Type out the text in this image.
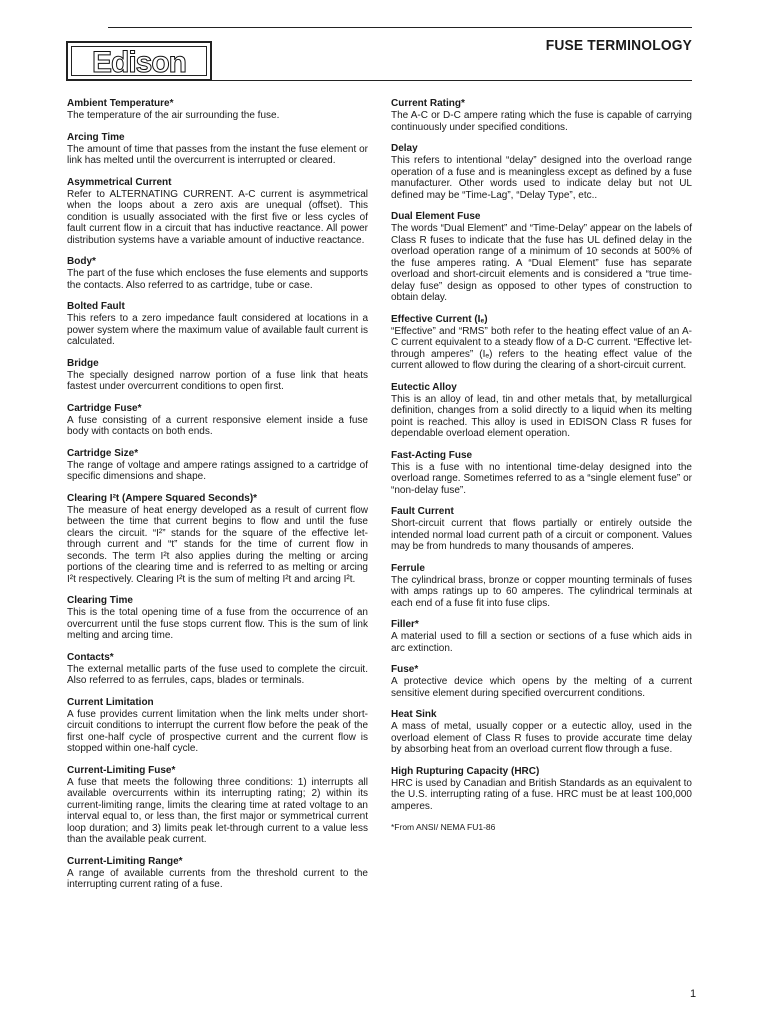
Edison
FUSE TERMINOLOGY

Ambient Temperature*

The temperature of the air surrounding the fuse.

Arcing Time

The amount of time that passes from the instant the fuse element or link has melted until the overcurrent is interrupted or cleared.

Asymmetrical Current

Refer to ALTERNATING CURRENT. A-C current is asymmetrical when the loops about a zero axis are unequal (offset). This condition is usually associated with the first five or less cycles of fault current flow in a circuit that has inductive reactance. All power distribution systems have a variable amount of inductive reactance.

Body*

The part of the fuse which encloses the fuse elements and supports the contacts. Also referred to as cartridge, tube or case.

Bolted Fault

This refers to a zero impedance fault considered at locations in a power system where the maximum value of available fault current is calculated.

Bridge

The specially designed narrow portion of a fuse link that heats fastest under overcurrent conditions to open first.

Cartridge Fuse*

A fuse consisting of a current responsive element inside a fuse body with contacts on both ends.

Cartridge Size*

The range of voltage and ampere ratings assigned to a cartridge of specific dimensions and shape.

Clearing I²t (Ampere Squared Seconds)*

The measure of heat energy developed as a result of current flow between the time that current begins to flow and until the fuse clears the circuit. “I²” stands for the square of the effective let-through current and “t” stands for the time of current flow in seconds. The term I²t also applies during the melting or arcing portions of the clearing time and is referred to as melting or arcing I²t respectively. Clearing I²t is the sum of melting I²t and arcing I²t.

Clearing Time

This is the total opening time of a fuse from the occurrence of an overcurrent until the fuse stops current flow. This is the sum of link melting and arcing time.

Contacts*

The external metallic parts of the fuse used to complete the circuit. Also referred to as ferrules, caps, blades or terminals.

Current Limitation

A fuse provides current limitation when the link melts under short-circuit conditions to interrupt the current flow before the peak of the first one-half cycle of prospective current and the current flow is stopped within one-half cycle.

Current-Limiting Fuse*

A fuse that meets the following three conditions: 1) interrupts all available overcurrents within its interrupting rating; 2) within its current-limiting range, limits the clearing time at rated voltage to an interval equal to, or less than, the first major or symmetrical current loop duration; and 3) limits peak let-through current to a value less than the available peak current.

Current-Limiting Range*

A range of available currents from the threshold current to the interrupting current rating of a fuse.

Current Rating*

The A-C or D-C ampere rating which the fuse is capable of carrying continuously under specified conditions.

Delay

This refers to intentional “delay” designed into the overload range operation of a fuse and is meaningless except as defined by a fuse manufacturer. Other words used to indicate delay but not UL defined may be “Time-Lag”, “Delay Type”, etc..

Dual Element Fuse

The words “Dual Element” and “Time-Delay” appear on the labels of Class R fuses to indicate that the fuse has UL defined delay in the overload operation range of a minimum of 10 seconds at 500% of the fuse amperes rating. A “Dual Element” fuse has separate overload and short-circuit elements and is considered a “true time-delay fuse” design as opposed to other types of construction to obtain delay.

Effective Current (Iₑ)

“Effective” and “RMS” both refer to the heating effect value of an A-C current equivalent to a steady flow of a D-C current. “Effective let-through amperes” (Iₑ) refers to the heating effect value of the current allowed to flow during the clearing of a short-circuit current.

Eutectic Alloy

This is an alloy of lead, tin and other metals that, by metallurgical definition, changes from a solid directly to a liquid when its melting point is reached. This alloy is used in EDISON Class R fuses for dependable overload element operation.

Fast-Acting Fuse

This is a fuse with no intentional time-delay designed into the overload range. Sometimes referred to as a “single element fuse” or “non-delay fuse”.

Fault Current

Short-circuit current that flows partially or entirely outside the intended normal load current path of a circuit or component. Values may be from hundreds to many thousands of amperes.

Ferrule

The cylindrical brass, bronze or copper mounting terminals of fuses with amps ratings up to 60 amperes. The cylindrical terminals at each end of a fuse fit into fuse clips.

Filler*

A material used to fill a section or sections of a fuse which aids in arc extinction.

Fuse*

A protective device which opens by the melting of a current sensitive element during specified overcurrent conditions.

Heat Sink

A mass of metal, usually copper or a eutectic alloy, used in the overload element of Class R fuses to provide accurate time delay by absorbing heat from an overload current flow through a fuse.

High Rupturing Capacity (HRC)

HRC is used by Canadian and British Standards as an equivalent to the U.S. interrupting rating of a fuse. HRC must be at least 100,000 amperes.

*From ANSI/ NEMA FU1-86
1
